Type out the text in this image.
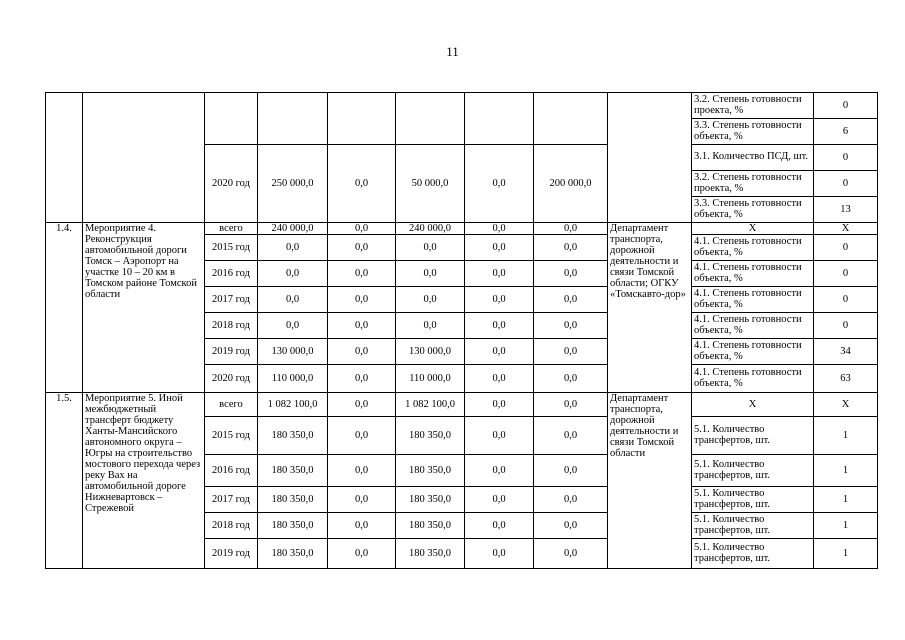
11
									3.2. Степень готовности проекта, %	0
									3.3. Степень готовности объекта, %	6
		2020 год	250 000,0	0,0	50 000,0	0,0	200 000,0		3.1. Количество ПСД, шт.	0
									3.2. Степень готовности проекта, %	0
									3.3. Степень готовности объекта, %	13
1.4.	Мероприятие 4. Реконструкция автомобильной дороги Томск – Аэропорт на участке 10 – 20 км в Томском районе Томской области	всего	240 000,0	0,0	240 000,0	0,0	0,0	Департамент транспорта, дорожной деятельности и связи Томской области; ОГКУ «Томскавто-дор»	X	X
		2015 год	0,0	0,0	0,0	0,0	0,0		4.1. Степень готовности объекта, %	0
		2016 год	0,0	0,0	0,0	0,0	0,0		4.1. Степень готовности объекта, %	0
		2017 год	0,0	0,0	0,0	0,0	0,0		4.1. Степень готовности объекта, %	0
		2018 год	0,0	0,0	0,0	0,0	0,0		4.1. Степень готовности объекта, %	0
		2019 год	130 000,0	0,0	130 000,0	0,0	0,0		4.1. Степень готовности объекта, %	34
		2020 год	110 000,0	0,0	110 000,0	0,0	0,0		4.1. Степень готовности объекта, %	63
1.5.	Мероприятие 5. Иной межбюджетный трансферт бюджету Ханты-Мансийского автономного округа – Югры на строительство мостового перехода через реку Вах на автомобильной дороге Нижневартовск – Стрежевой	всего	1 082 100,0	0,0	1 082 100,0	0,0	0,0	Департамент транспорта, дорожной деятельности и связи Томской области	X	X
		2015 год	180 350,0	0,0	180 350,0	0,0	0,0		5.1. Количество трансфертов, шт.	1
		2016 год	180 350,0	0,0	180 350,0	0,0	0,0		5.1. Количество трансфертов, шт.	1
		2017 год	180 350,0	0,0	180 350,0	0,0	0,0		5.1. Количество трансфертов, шт.	1
		2018 год	180 350,0	0,0	180 350,0	0,0	0,0		5.1. Количество трансфертов, шт.	1
		2019 год	180 350,0	0,0	180 350,0	0,0	0,0		5.1. Количество трансфертов, шт.	1
